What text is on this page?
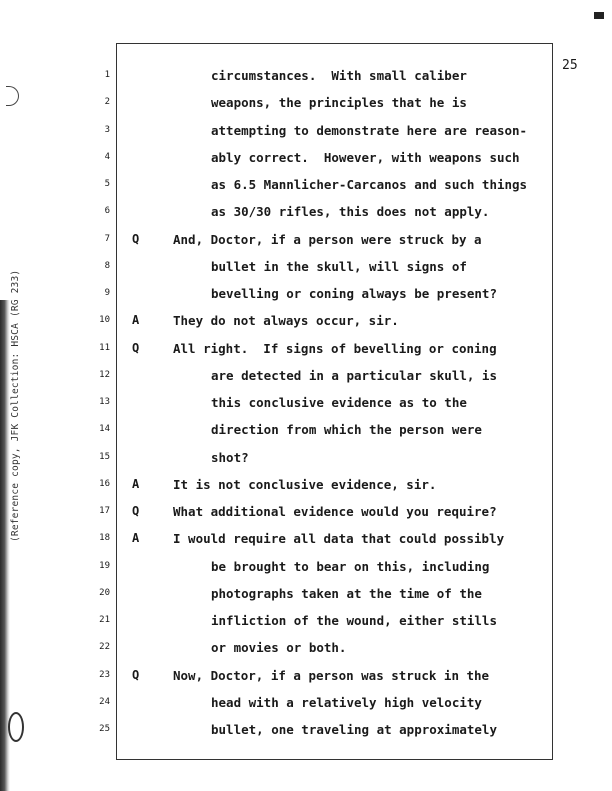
(Reference copy, JFK Collection: HSCA (RG 233)
25
1	circumstances.  With small caliber
2	weapons, the principles that he is
3	attempting to demonstrate here are reason-
4	ably correct.  However, with weapons such
5	as 6.5 Mannlicher-Carcanos and such things
6	as 30/30 rifles, this does not apply.
7 Q	And, Doctor, if a person were struck by a
8	bullet in the skull, will signs of
9	bevelling or coning always be present?
10 A	They do not always occur, sir.
11 Q	All right.  If signs of bevelling or coning
12	are detected in a particular skull, is
13	this conclusive evidence as to the
14	direction from which the person were
15	shot?
16 A	It is not conclusive evidence, sir.
17 Q	What additional evidence would you require?
18 A	I would require all data that could possibly
19	be brought to bear on this, including
20	photographs taken at the time of the
21	infliction of the wound, either stills
22	or movies or both.
23 Q	Now, Doctor, if a person was struck in the
24	head with a relatively high velocity
25	bullet, one traveling at approximately
